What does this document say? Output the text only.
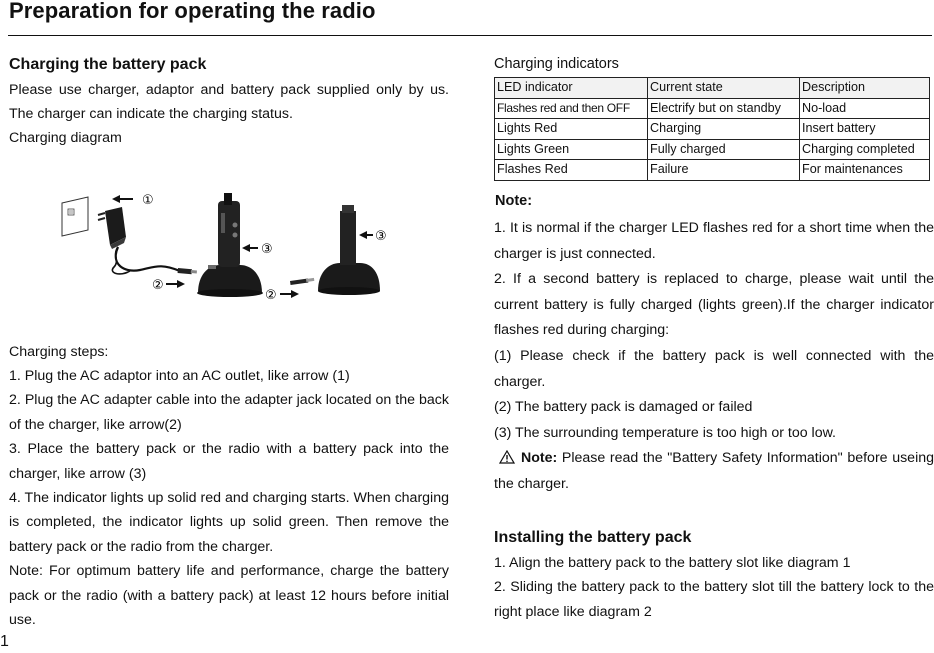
Preparation for operating the radio
Charging the battery pack

Please use charger, adaptor and battery pack supplied only by us. The charger can indicate the charging status.

Charging diagram

①
②
③
②
③

Charging steps:

1. Plug the AC adaptor into an AC outlet, like arrow (1)

2. Plug the AC adapter cable into the adapter jack located on the back of the charger, like arrow(2)

3. Place the battery pack or the radio with a battery pack into the charger, like arrow (3)

4. The indicator lights up solid red and charging starts. When charging is completed, the indicator lights up solid green. Then remove the battery pack or the radio from the charger.

Note: For optimum battery life and performance, charge the battery pack or the radio (with a battery pack) at least 12 hours before initial use.

1

Charging indicators

LED indicator	Current state	Description
Flashes red and then OFF	Electrify but on standby	No-load
Lights Red	Charging	Insert battery
Lights Green	Fully charged	Charging completed
Flashes Red	Failure	For maintenances
Note:

1. It is normal if the charger LED flashes red for a short time when the charger is just connected.

2. If a second battery is replaced to charge, please wait until the current battery is fully charged (lights green).If the charger indicator flashes red during charging:

(1) Please check if the battery pack is well connected with the charger.

(2) The battery pack is damaged or failed

(3) The surrounding temperature is too high or too low.

Note: Please read the "Battery Safety Information" before useing the charger.

Installing the battery pack

1. Align the battery pack to the battery slot like diagram 1

2. Sliding the battery pack to the battery slot till the battery lock to the right place like diagram 2
